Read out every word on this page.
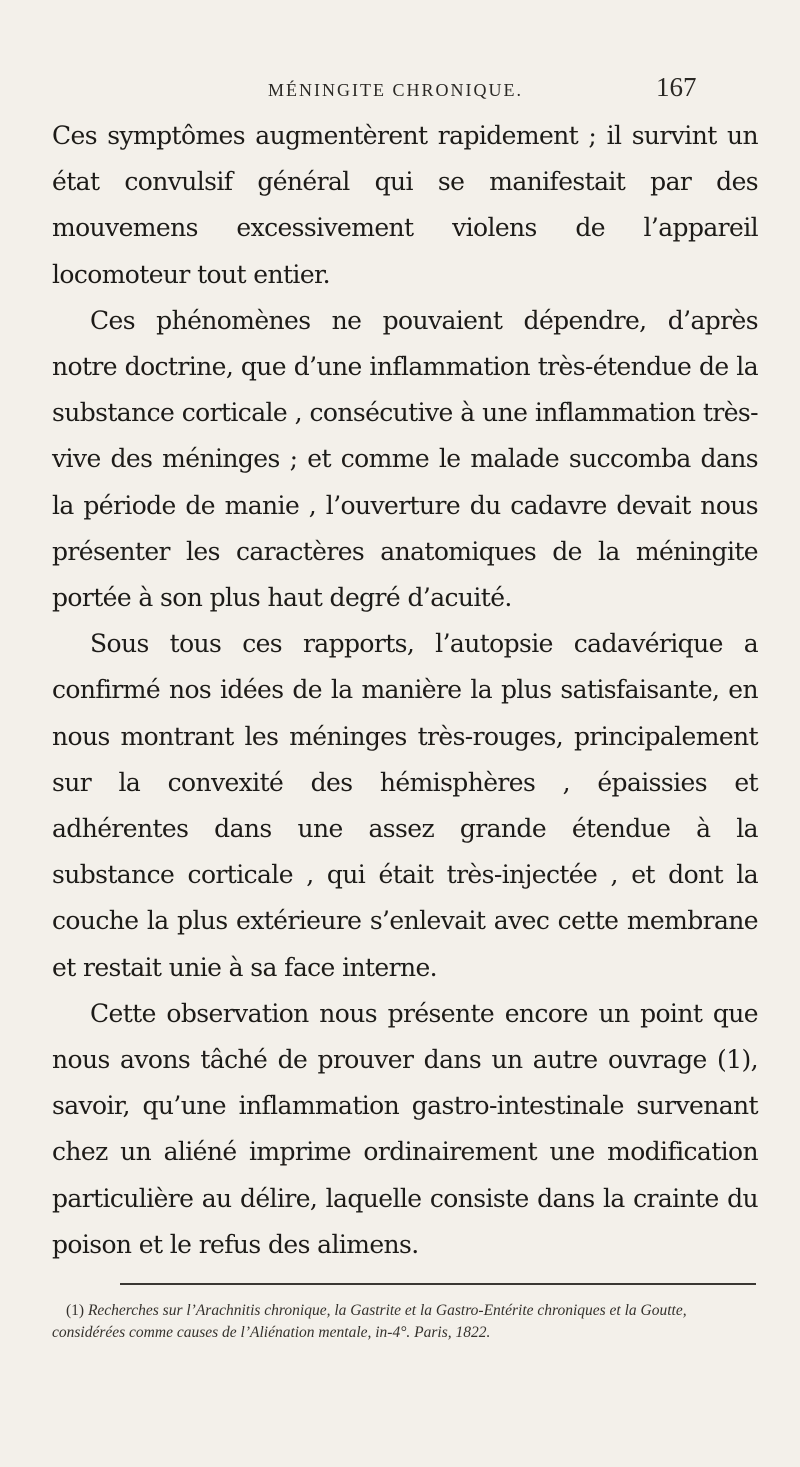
MÉNINGITE CHRONIQUE.	167

Ces symptômes augmentèrent rapidement ; il survint un état convulsif général qui se manifestait par des mouvemens excessivement violens de l’appareil locomoteur tout entier.

Ces phénomènes ne pouvaient dépendre, d’après notre doctrine, que d’une inflammation très-étendue de la substance corticale , consécutive à une inflammation très-vive des méninges ; et comme le malade succomba dans la période de manie , l’ouverture du cadavre devait nous présenter les caractères anatomiques de la méningite portée à son plus haut degré d’acuité.

Sous tous ces rapports, l’autopsie cadavérique a confirmé nos idées de la manière la plus satisfaisante, en nous montrant les méninges très-rouges, principalement sur la convexité des hémisphères , épaissies et adhérentes dans une assez grande étendue à la substance corticale , qui était très-injectée , et dont la couche la plus extérieure s’enlevait avec cette membrane et restait unie à sa face interne.

Cette observation nous présente encore un point que nous avons tâché de prouver dans un autre ouvrage (1), savoir, qu’une inflammation gastro-intestinale survenant chez un aliéné imprime ordinairement une modification particulière au délire, laquelle consiste dans la crainte du poison et le refus des alimens.

(1) Recherches sur l’Arachnitis chronique, la Gastrite et la Gastro-Entérite chroniques et la Goutte, considérées comme causes de l’Aliénation mentale, in-4°. Paris, 1822.
